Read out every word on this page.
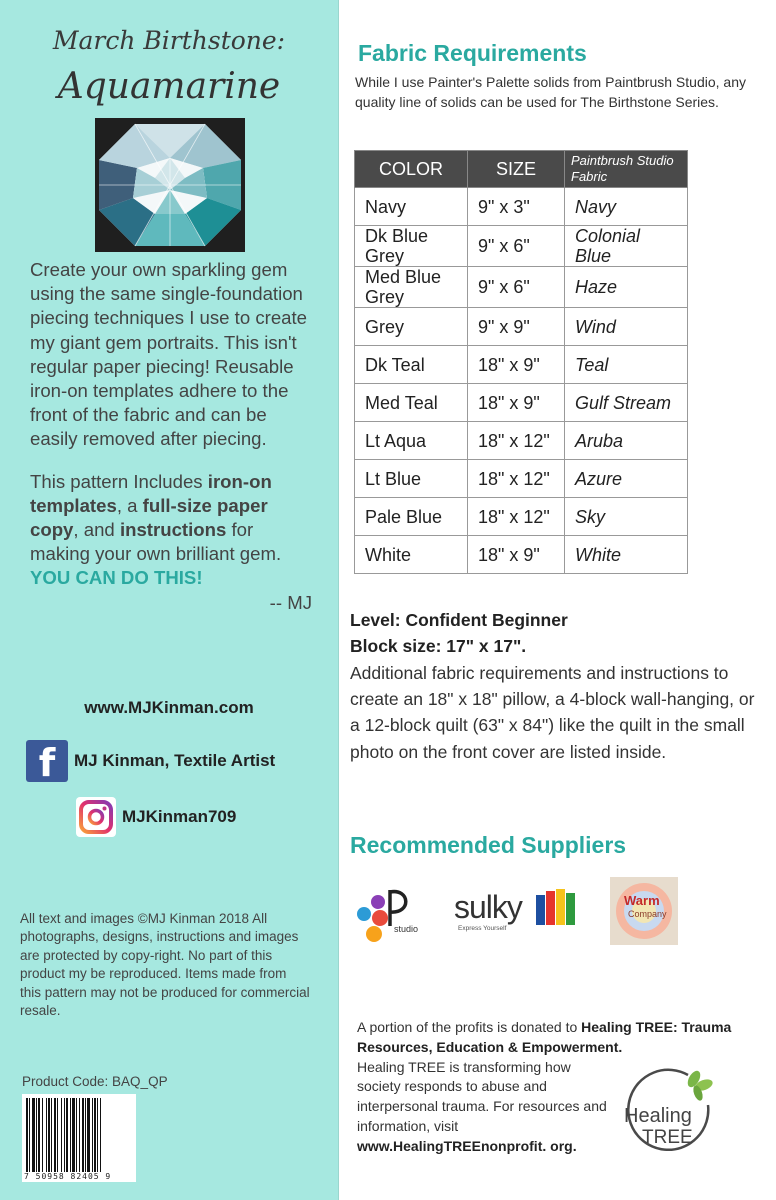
March Birthstone:
Aquamarine

Create your own sparkling gem using the same single-foundation piecing techniques I use to create my giant gem portraits. This isn't regular paper piecing! Reusable iron-on templates adhere to the front of the fabric and can be easily removed after piecing.

This pattern Includes iron-on templates, a full-size paper copy, and instructions for making your own brilliant gem. YOU CAN DO THIS!

-- MJ

www.MJKinman.com
f	MJ Kinman, Textile Artist
MJKinman709
All text and images ©MJ Kinman 2018 All photographs, designs, instructions and images are protected by copy-right. No part of this product my be reproduced. Items made from this pattern may not be produced for commercial resale.
Product Code: BAQ_QP
7 50958 82405 9
Fabric Requirements
While I use Painter's Palette solids from Paintbrush Studio, any quality line of solids can be used for The Birthstone Series.
COLOR	SIZE	Paintbrush Studio Fabric
Navy	9" x 3"	Navy
Dk Blue Grey	9" x 6"	Colonial Blue
Med Blue Grey	9" x 6"	Haze
Grey	9" x 9"	Wind
Dk Teal	18" x 9"	Teal
Med Teal	18" x 9"	Gulf Stream
Lt Aqua	18" x 12"	Aruba
Lt Blue	18" x 12"	Azure
Pale Blue	18" x 12"	Sky
White	18" x 9"	White
Level: Confident Beginner
Block size: 17" x 17".
Additional fabric requirements and instructions to create an 18" x 18" pillow, a 4-block wall-hanging, or a 12-block quilt (63" x 84") like the quilt in the small photo on the front cover are listed inside.
Recommended Suppliers
studio
sulky
Express Yourself
Warm
Company
A portion of the profits is donated to Healing TREE: Trauma Resources, Education & Empowerment.
Healing TREE is transforming how society responds to abuse and interpersonal trauma. For resources and information, visit
www.HealingTREEnonprofit. org.
Healing
TREE
